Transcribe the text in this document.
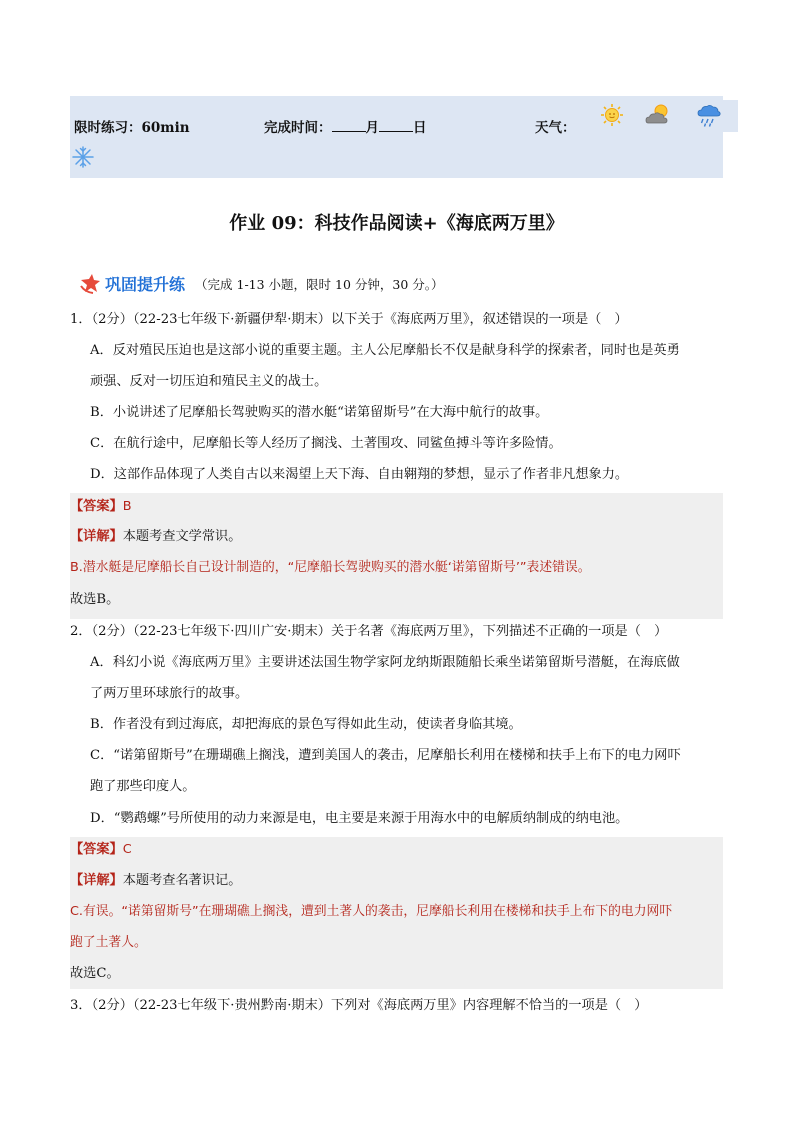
限时练习：60min	完成时间：	月	日	天气：
作业 09：科技作品阅读+《海底两万里》
巩固提升练 （完成 1-13 小题，限时 10 分钟，30 分。）
1．（2分）（22-23七年级下·新疆伊犁·期末）以下关于《海底两万里》，叙述错误的一项是（　）
A．反对殖民压迫也是这部小说的重要主题。主人公尼摩船长不仅是献身科学的探索者，同时也是英勇
顽强、反对一切压迫和殖民主义的战士。
B．小说讲述了尼摩船长驾驶购买的潜水艇“诺第留斯号”在大海中航行的故事。
C．在航行途中，尼摩船长等人经历了搁浅、土著围攻、同鲨鱼搏斗等许多险情。
D．这部作品体现了人类自古以来渴望上天下海、自由翱翔的梦想，显示了作者非凡想象力。
【答案】B
【详解】本题考查文学常识。
B.潜水艇是尼摩船长自己设计制造的，“尼摩船长驾驶购买的潜水艇‘诺第留斯号’”表述错误。
故选B。
2．（2分）（22-23七年级下·四川广安·期末）关于名著《海底两万里》，下列描述不正确的一项是（　）
A．科幻小说《海底两万里》主要讲述法国生物学家阿龙纳斯跟随船长乘坐诺第留斯号潜艇，在海底做
了两万里环球旅行的故事。
B．作者没有到过海底，却把海底的景色写得如此生动，使读者身临其境。
C．“诺第留斯号”在珊瑚礁上搁浅，遭到美国人的袭击，尼摩船长利用在楼梯和扶手上布下的电力网吓
跑了那些印度人。
D．“鹦鹉螺”号所使用的动力来源是电，电主要是来源于用海水中的电解质纳制成的纳电池。
【答案】C
【详解】本题考查名著识记。
C.有误。“诺第留斯号”在珊瑚礁上搁浅，遭到土著人的袭击，尼摩船长利用在楼梯和扶手上布下的电力网吓
跑了土著人。
故选C。
3．（2分）（22-23七年级下·贵州黔南·期末）下列对《海底两万里》内容理解不恰当的一项是（　）
